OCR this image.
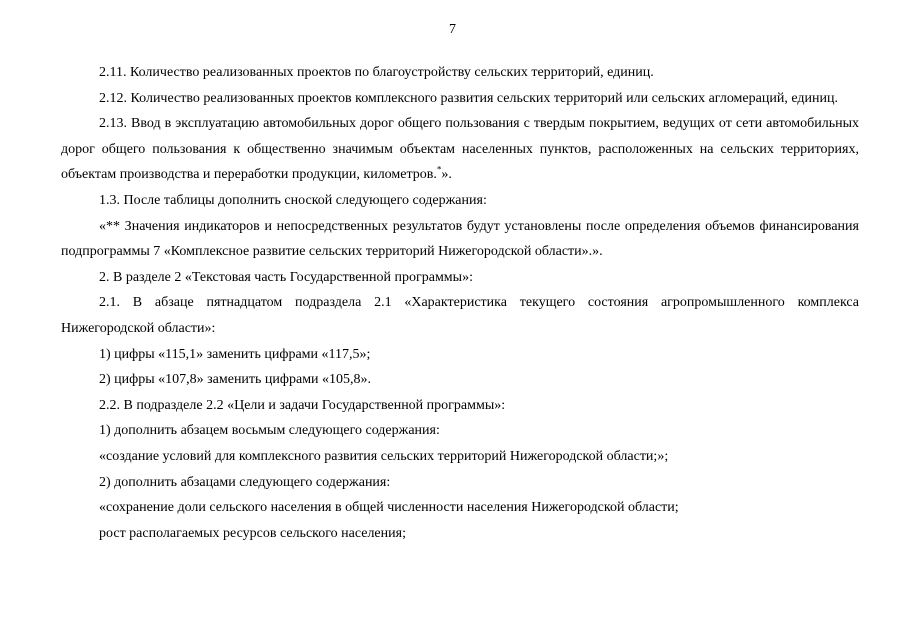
7

2.11. Количество реализованных проектов по благоустройству сельских территорий, единиц.

2.12. Количество реализованных проектов комплексного развития сельских территорий или сельских агломераций, единиц.

2.13. Ввод в эксплуатацию автомобильных дорог общего пользования с твердым покрытием, ведущих от сети автомобильных дорог общего пользования к общественно значимым объектам населенных пунктов, расположенных на сельских территориях, объектам производства и переработки продукции, километров.*».

1.3. После таблицы дополнить сноской следующего содержания:

«** Значения индикаторов и непосредственных результатов будут установлены после определения объемов финансирования подпрограммы 7 «Комплексное развитие сельских территорий Нижегородской области».».

2. В разделе 2 «Текстовая часть Государственной программы»:

2.1. В абзаце пятнадцатом подраздела 2.1 «Характеристика текущего состояния агропромышленного комплекса Нижегородской области»:

1) цифры «115,1» заменить цифрами «117,5»;

2) цифры «107,8» заменить цифрами «105,8».

2.2. В подразделе 2.2 «Цели и задачи Государственной программы»:

1) дополнить абзацем восьмым следующего содержания:

«создание условий для комплексного развития сельских территорий Нижегородской области;»;

2) дополнить абзацами следующего содержания:

«сохранение доли сельского населения в общей численности населения Нижегородской области;

рост располагаемых ресурсов сельского населения;
